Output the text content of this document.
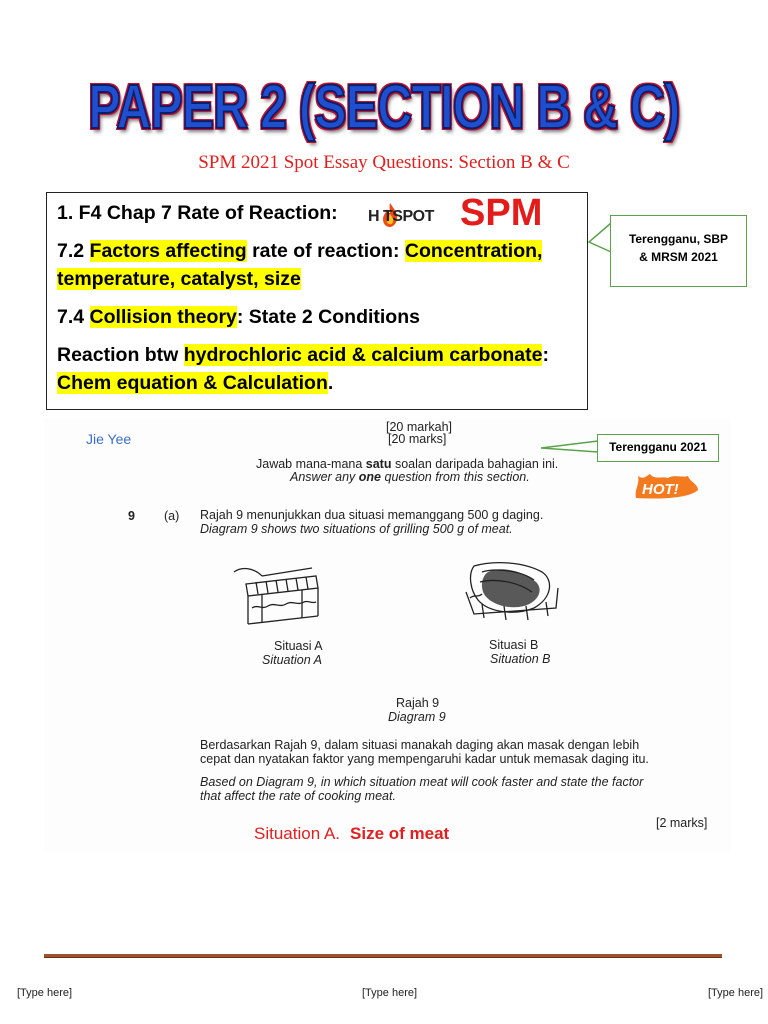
PAPER 2 (SECTION B & C)
SPM 2021 Spot Essay Questions: Section B & C
1. F4 Chap 7 Rate of Reaction:
7.2 Factors affecting rate of reaction: Concentration,
temperature, catalyst, size
7.4 Collision theory: State 2 Conditions
Reaction btw hydrochloric acid & calcium carbonate:
Chem equation & Calculation.
H TSPOT SPM
Terengganu, SBP
& MRSM 2021
Jie Yee
[20 markah]
[20 marks]
Jawab mana-mana satu soalan daripada bahagian ini.
Answer any one question from this section.
Terengganu 2021
HOT!
9 (a) Rajah 9 menunjukkan dua situasi memanggang 500 g daging.
Diagram 9 shows two situations of grilling 500 g of meat.
Situasi A
Situation A
Situasi B
Situation B
Rajah 9
Diagram 9
Berdasarkan Rajah 9, dalam situasi manakah daging akan masak dengan lebih
cepat dan nyatakan faktor yang mempengaruhi kadar untuk memasak daging itu.
Based on Diagram 9, in which situation meat will cook faster and state the factor
that affect the rate of cooking meat.
[2 marks]
Situation A. Size of meat
[Type here]	[Type here]	[Type here]
